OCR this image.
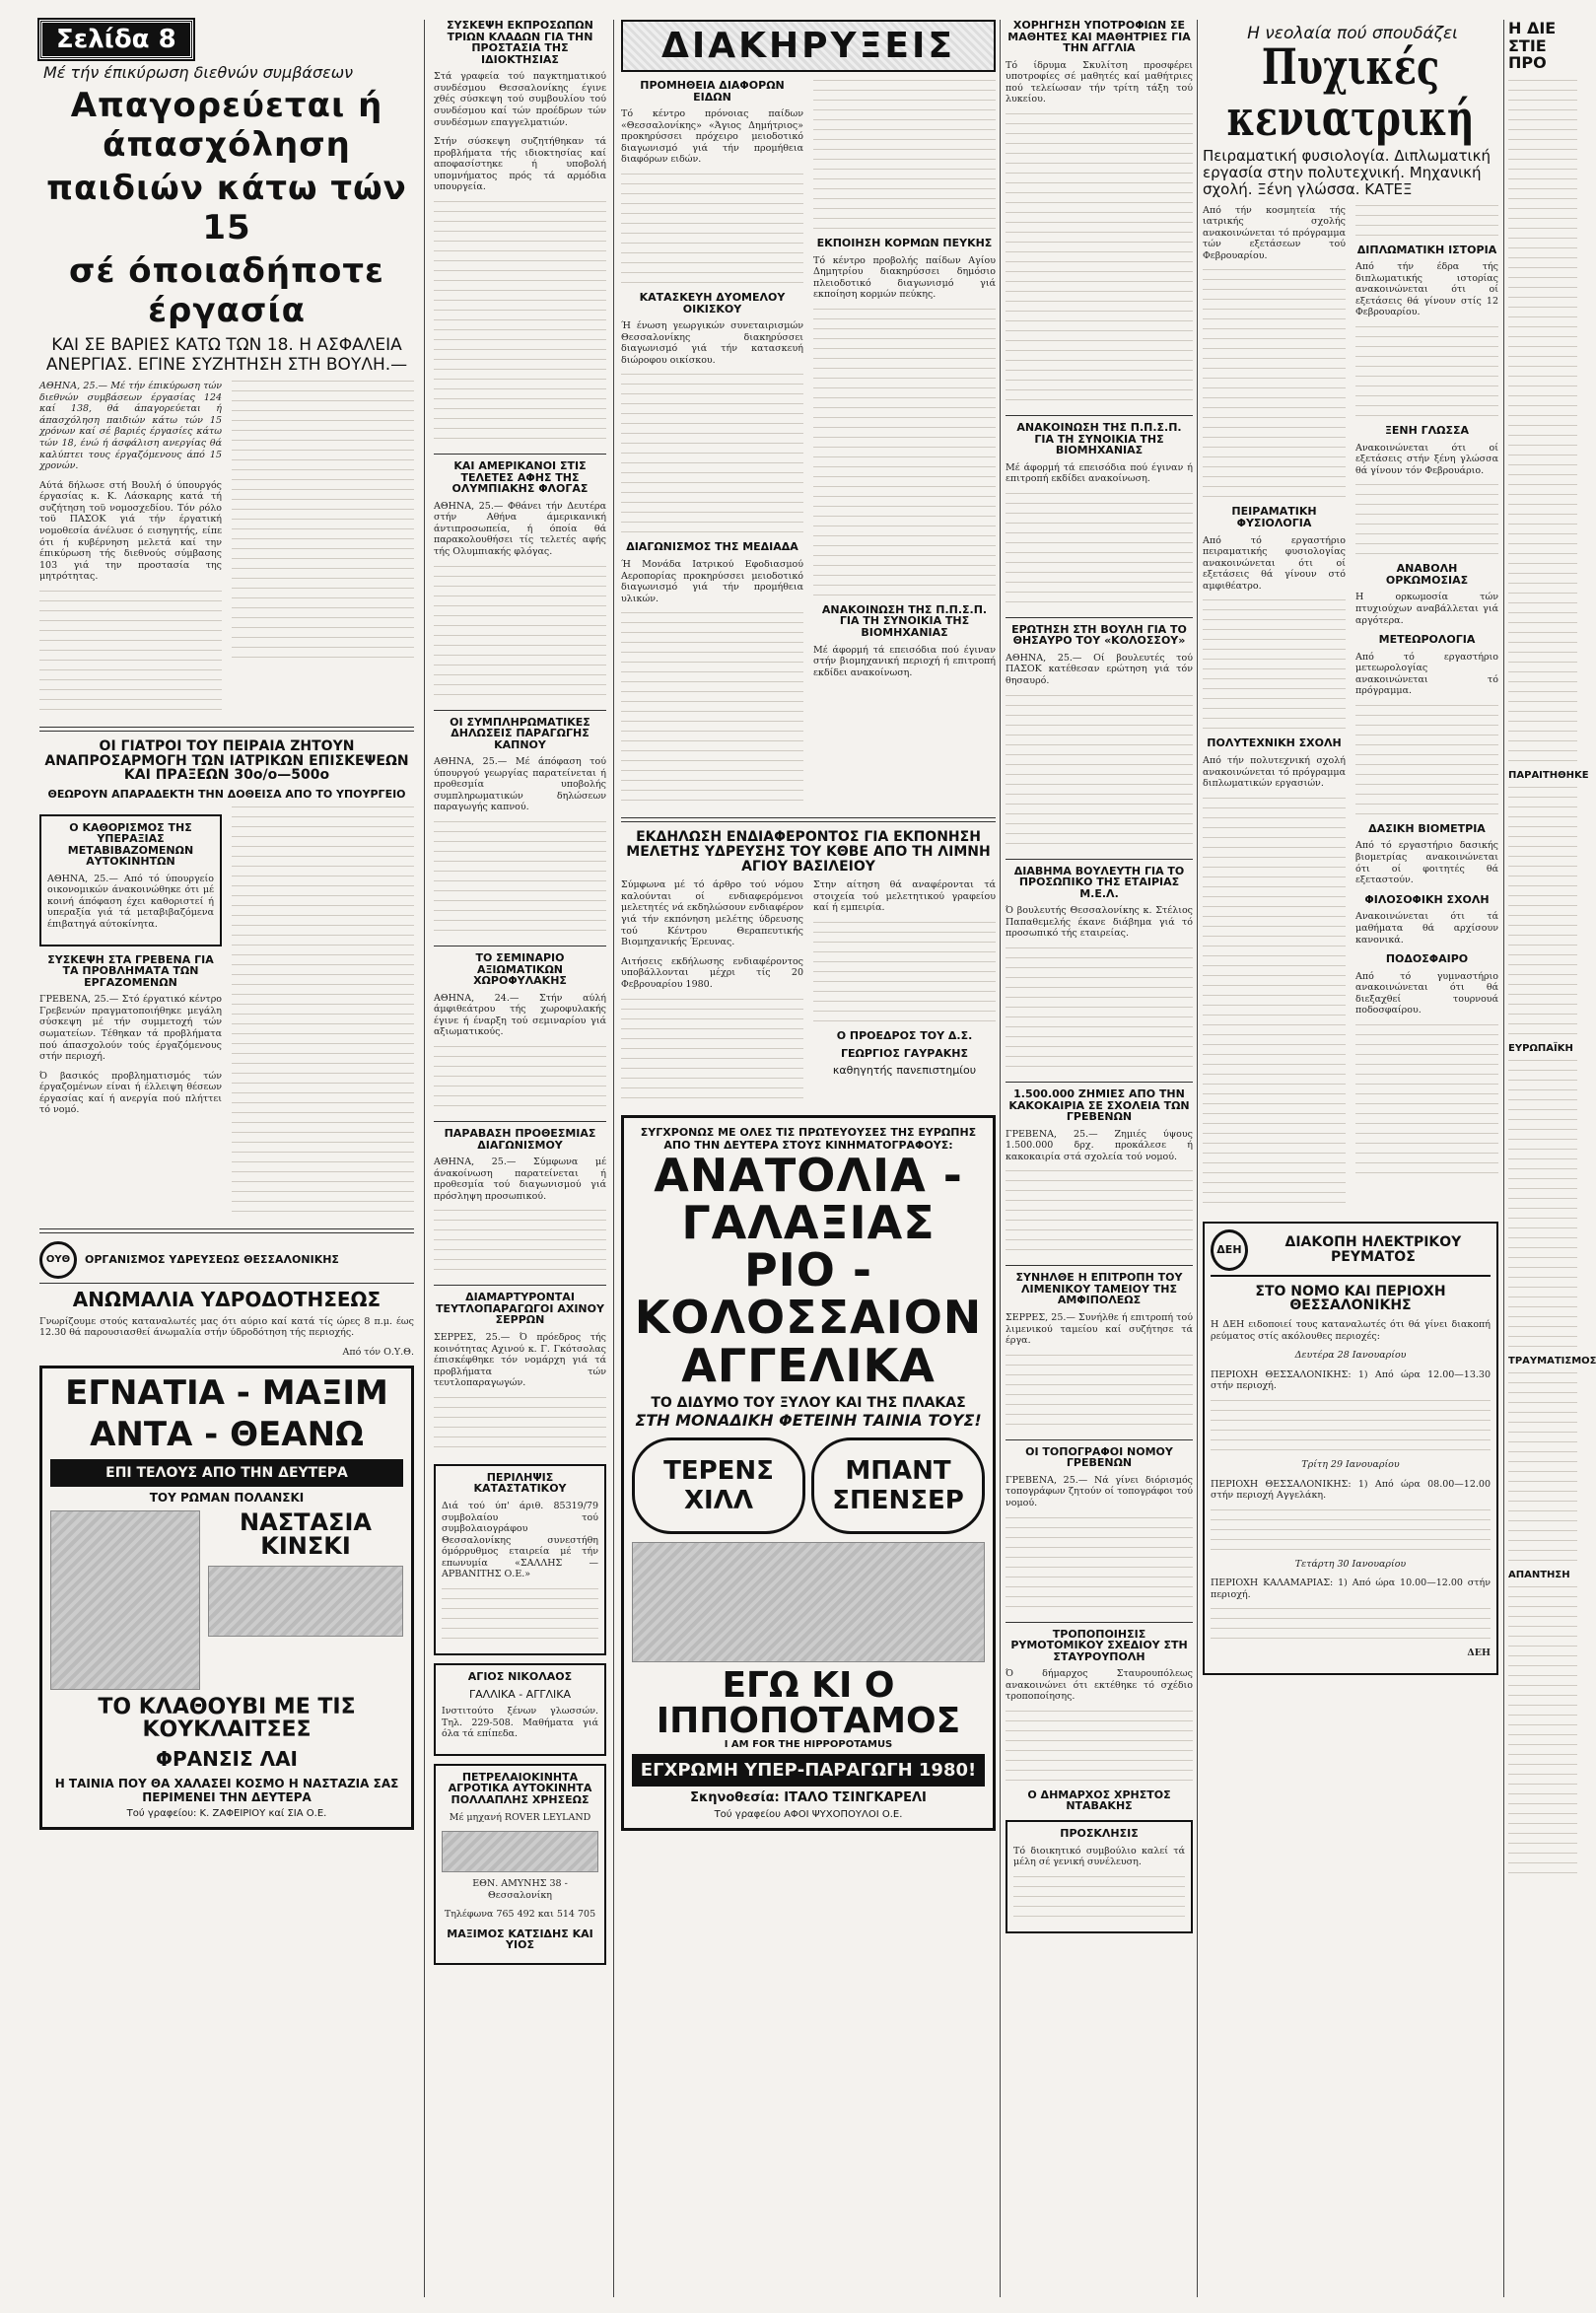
Σελίδα 8
Μέ τήν έπικύρωση διεθνών συμβάσεων
Απαγορεύεται ή άπασχόληση
παιδιών κάτω τών 15
σέ όποιαδήποτε έργασία
ΚΑΙ ΣΕ ΒΑΡΙΕΣ ΚΑΤΩ ΤΩΝ 18. Η ΑΣΦΑΛΕΙΑ ΑΝΕΡΓΙΑΣ. ΕΓΙΝΕ ΣΥΖΗΤΗΣΗ ΣΤΗ ΒΟΥΛΗ.—

ΑΘΗΝΑ, 25.— Μέ τήν έπικύρωση τών διεθνών συμβάσεων έργασίας 124 καί 138, θά άπαγορεύεται ή άπασχόληση παιδιών κάτω τών 15 χρόνων καί σέ βαριές έργασίες κάτω τών 18, ένώ ή άσφάλιση ανεργίας θά καλύπτει τους έργαζόμενους άπό 15 χρονών.

Αύτά δήλωσε στή Βουλή ό ύπουργός έργασίας κ. Κ. Λάσκαρης κατά τή συζήτηση τοϋ νομοσχεδίου. Τόν ρόλο τοϋ ΠΑΣΟΚ γιά τήν έργατική νομοθεσία άνέλυσε ό εισηγητής, είπε ότι ή κυβέρνηση μελετά καί την έπικύρωση τής διεθνούς σύμβασης 103 γιά την προστασία της μητρότητας.

ΟΙ ΓΙΑΤΡΟΙ ΤΟΥ ΠΕΙΡΑΙΑ ΖΗΤΟΥΝ ΑΝΑΠΡΟΣΑΡΜΟΓΗ ΤΩΝ ΙΑΤΡΙΚΩΝ ΕΠΙΣΚΕΨΕΩΝ ΚΑΙ ΠΡΑΞΕΩΝ 30ο/ο—500ο
ΘΕΩΡΟΥΝ ΑΠΑΡΑΔΕΚΤΗ ΤΗΝ ΔΟΘΕΙΣΑ ΑΠΟ ΤΟ ΥΠΟΥΡΓΕΙΟ
Ο ΚΑΘΟΡΙΣΜΟΣ ΤΗΣ ΥΠΕΡΑΞΙΑΣ ΜΕΤΑΒΙΒΑΖΟΜΕΝΩΝ ΑΥΤΟΚΙΝΗΤΩΝ

ΑΘΗΝΑ, 25.— Από τό ύπουργείο οικονομικών άνακοινώθηκε ότι μέ κοινή άπόφαση έχει καθοριστεί ή υπεραξία γιά τά μεταβιβαζόμενα έπιβατηγά αύτοκίνητα.

ΣΥΣΚΕΨΗ ΣΤΑ ΓΡΕΒΕΝΑ ΓΙΑ ΤΑ ΠΡΟΒΛΗΜΑΤΑ ΤΩΝ ΕΡΓΑΖΟΜΕΝΩΝ

ΓΡΕΒΕΝΑ, 25.— Στό έργατικό κέντρο Γρεβενών πραγματοποιήθηκε μεγάλη σύσκεψη μέ τήν συμμετοχή τών σωματείων. Τέθηκαν τά προβλήματα πού άπασχολούν τούς έργαζόμενους στήν περιοχή.

Ό βασικός προβληματισμός τών έργαζομένων είναι ή έλλειψη θέσεων έργασίας καί ή ανεργία πού πλήττει τό νομό.

ΟΥΘ	ΟΡΓΑΝΙΣΜΟΣ ΥΔΡΕΥΣΕΩΣ ΘΕΣΣΑΛΟΝΙΚΗΣ
ΑΝΩΜΑΛΙΑ ΥΔΡΟΔΟΤΗΣΕΩΣ

Γνωρίζουμε στούς καταναλωτές μας ότι αύριο καί κατά τίς ώρες 8 π.μ. έως 12.30 θά παρουσιασθεί άνωμαλία στήν ύδροδότηση τής περιοχής.

Από τόν Ο.Υ.Θ.

ΕΓΝΑΤΙΑ - ΜΑΞΙΜ
ΑΝΤΑ - ΘΕΑΝΩ
ΕΠΙ ΤΕΛΟΥΣ ΑΠΟ ΤΗΝ ΔΕΥΤΕΡΑ
ΤΟΥ ΡΩΜΑΝ ΠΟΛΑΝΣΚΙ
ΝΑΣΤΑΣΙΑ ΚΙΝΣΚΙ
ΤΟ ΚΛΑΘΟΥΒΙ ΜΕ ΤΙΣ ΚΟΥΚΛΑΙΤΣΕΣ
ΦΡΑΝΣΙΣ ΛΑΙ
Η ΤΑΙΝΙΑ ΠΟΥ ΘΑ ΧΑΛΑΣΕΙ ΚΟΣΜΟ Η ΝΑΣΤΑΖΙΑ ΣΑΣ ΠΕΡΙΜΕΝΕΙ ΤΗΝ ΔΕΥΤΕΡΑ
Τού γραφείου: Κ. ΖΑΦΕΙΡΙΟΥ καί ΣΙΑ Ο.Ε.
ΣΥΣΚΕΨΗ ΕΚΠΡΟΣΩΠΩΝ ΤΡΙΩΝ ΚΛΑΔΩΝ ΓΙΑ ΤΗΝ ΠΡΟΣΤΑΣΙΑ ΤΗΣ ΙΔΙΟΚΤΗΣΙΑΣ

Στά γραφεία τού παγκτηματικού συνδέσμου Θεσσαλονίκης έγινε χθές σύσκεψη τού συμβουλίου τού συνδέσμου καί τών προέδρων τών συνδέσμων επαγγελματιών.

Στήν σύσκεψη συζητήθηκαν τά προβλήματα τής ιδιοκτησίας καί αποφασίστηκε ή υποβολή υπομνήματος πρός τά αρμόδια υπουργεία.

ΚΑΙ ΑΜΕΡΙΚΑΝΟΙ ΣΤΙΣ ΤΕΛΕΤΕΣ ΑΦΗΣ ΤΗΣ ΟΛΥΜΠΙΑΚΗΣ ΦΛΟΓΑΣ

ΑΘΗΝΑ, 25.— Φθάνει τήν Δευτέρα στήν Αθήνα άμερικανική άντιπροσωπεία, ή όποία θά παρακολουθήσει τίς τελετές αφής τής Ολυμπιακής φλόγας.

ΟΙ ΣΥΜΠΛΗΡΩΜΑΤΙΚΕΣ ΔΗΛΩΣΕΙΣ ΠΑΡΑΓΩΓΗΣ ΚΑΠΝΟΥ

ΑΘΗΝΑ, 25.— Μέ άπόφαση τού ύπουργού γεωργίας παρατείνεται ή προθεσμία υποβολής συμπληρωματικών δηλώσεων παραγωγής καπνού.

ΤΟ ΣΕΜΙΝΑΡΙΟ ΑΞΙΩΜΑΤΙΚΩΝ ΧΩΡΟΦΥΛΑΚΗΣ

ΑΘΗΝΑ, 24.— Στήν αύλή άμφιθεάτρου τής χωροφυλακής έγινε ή έναρξη τού σεμιναρίου γιά αξιωματικούς.

ΠΑΡΑΒΑΣΗ ΠΡΟΘΕΣΜΙΑΣ ΔΙΑΓΩΝΙΣΜΟΥ

ΑΘΗΝΑ, 25.— Σύμφωνα μέ άνακοίνωση παρατείνεται ή προθεσμία τού διαγωνισμού γιά πρόσληψη προσωπικού.

ΔΙΑΜΑΡΤΥΡΟΝΤΑΙ ΤΕΥΤΛΟΠΑΡΑΓΩΓΟΙ ΑΧΙΝΟΥ ΣΕΡΡΩΝ

ΣΕΡΡΕΣ, 25.— Ό πρόεδρος τής κοινότητας Αχινού κ. Γ. Γκότσολας έπισκέφθηκε τόν νομάρχη γιά τά προβλήματα τών τευτλοπαραγωγών.

ΠΕΡΙΛΗΨΙΣ ΚΑΤΑΣΤΑΤΙΚΟΥ

Διά τού ύπ' άριθ. 85319/79 συμβολαίου τού συμβολαιογράφου Θεσσαλονίκης συνεστήθη όμόρρυθμος εταιρεία μέ τήν επωνυμία «ΣΑΛΛΗΣ — ΑΡΒΑΝΙΤΗΣ Ο.Ε.»

ΑΓΙΟΣ ΝΙΚΟΛΑΟΣ
ΓΑΛΛΙΚΑ - ΑΓΓΛΙΚΑ

Ινστιτούτο ξένων γλωσσών. Τηλ. 229-508. Μαθήματα γιά όλα τά επίπεδα.

ΠΕΤΡΕΛΑΙΟΚΙΝΗΤΑ ΑΓΡΟΤΙΚΑ ΑΥΤΟΚΙΝΗΤΑ ΠΟΛΛΑΠΛΗΣ ΧΡΗΣΕΩΣ

Μέ μηχανή ROVER LEYLAND

ΕΘΝ. ΑΜΥΝΗΣ 38 - Θεσσαλονίκη

Τηλέφωνα 765 492 και 514 705

ΜΑΞΙΜΟΣ ΚΑΤΣΙΔΗΣ ΚΑΙ ΥΙΟΣ
ΔΙΑΚΗΡΥΞΕΙΣ
ΠΡΟΜΗΘΕΙΑ ΔΙΑΦΟΡΩΝ ΕΙΔΩΝ

Τό κέντρο πρόνοιας παίδων «Θεσσαλονίκης» «Άγιος Δημήτριος» προκηρύσσει πρόχειρο μειοδοτικό διαγωνισμό γιά τήν προμήθεια διαφόρων ειδών.

ΚΑΤΑΣΚΕΥΗ ΔΥΟΜΕΛΟΥ ΟΙΚΙΣΚΟΥ

Ή ένωση γεωργικών συνεταιρισμών Θεσσαλονίκης διακηρύσσει διαγωνισμό γιά τήν κατασκευή διώροφου οικίσκου.

ΔΙΑΓΩΝΙΣΜΟΣ ΤΗΣ ΜΕΔΙΑΔΑ

Ή Μονάδα Ιατρικού Εφοδιασμού Αεροπορίας προκηρύσσει μειοδοτικό διαγωνισμό γιά τήν προμήθεια υλικών.

ΕΚΠΟΙΗΣΗ ΚΟΡΜΩΝ ΠΕΥΚΗΣ

Τό κέντρο προβολής παίδων Αγίου Δημητρίου διακηρύσσει δημόσιο πλειοδοτικό διαγωνισμό γιά εκποίηση κορμών πεύκης.

ΑΝΑΚΟΙΝΩΣΗ ΤΗΣ Π.Π.Σ.Π. ΓΙΑ ΤΗ ΣΥΝΟΙΚΙΑ ΤΗΣ ΒΙΟΜΗΧΑΝΙΑΣ

Μέ άφορμή τά επεισόδια πού έγιναν στήν βιομηχανική περιοχή ή επιτροπή εκδίδει ανακοίνωση.

ΕΚΔΗΛΩΣΗ ΕΝΔΙΑΦΕΡΟΝΤΟΣ ΓΙΑ ΕΚΠΟΝΗΣΗ ΜΕΛΕΤΗΣ ΥΔΡΕΥΣΗΣ ΤΟΥ ΚΘΒΕ ΑΠΟ ΤΗ ΛΙΜΝΗ ΑΓΙΟΥ ΒΑΣΙΛΕΙΟΥ

Σύμφωνα μέ τό άρθρο τού νόμου καλούνται οί ενδιαφερόμενοι μελετητές νά εκδηλώσουν ενδιαφέρον γιά τήν εκπόνηση μελέτης ύδρευσης τού Κέντρου Θεραπευτικής Βιομηχανικής Έρευνας.

Αιτήσεις εκδήλωσης ενδιαφέροντος υποβάλλονται μέχρι τίς 20 Φεβρουαρίου 1980.

Στην αίτηση θά αναφέρονται τά στοιχεία τού μελετητικού γραφείου καί ή εμπειρία.

Ο ΠΡΟΕΔΡΟΣ ΤΟΥ Δ.Σ.
ΓΕΩΡΓΙΟΣ ΓΑΥΡΑΚΗΣ
καθηγητής πανεπιστημίου
ΣΥΓΧΡΟΝΩΣ ΜΕ ΟΛΕΣ ΤΙΣ ΠΡΩΤΕΥΟΥΣΕΣ ΤΗΣ ΕΥΡΩΠΗΣ ΑΠΟ ΤΗΝ ΔΕΥΤΕΡΑ ΣΤΟΥΣ ΚΙΝΗΜΑΤΟΓΡΑΦΟΥΣ:
ΑΝΑΤΟΛΙΑ - ΓΑΛΑΞΙΑΣ
ΡΙΟ - ΚΟΛΟΣΣΑΙΟΝ
ΑΓΓΕΛΙΚΑ
ΤΟ ΔΙΔΥΜΟ ΤΟΥ ΞΥΛΟΥ ΚΑΙ ΤΗΣ ΠΛΑΚΑΣ
ΣΤΗ ΜΟΝΑΔΙΚΗ ΦΕΤΕΙΝΗ ΤΑΙΝΙΑ ΤΟΥΣ!
ΤΕΡΕΝΣ ΧΙΛΛ
ΜΠΑΝΤ ΣΠΕΝΣΕΡ
ΕΓΩ ΚΙ Ο ΙΠΠΟΠΟΤΑΜΟΣ
I AM FOR THE HIPPOPOTAMUS
ΕΓΧΡΩΜΗ ΥΠΕΡ-ΠΑΡΑΓΩΓΗ 1980!
Σκηνοθεσία: ΙΤΑΛΟ ΤΣΙΝΓΚΑΡΕΛΙ
Τού γραφείου ΑΦΟΙ ΨΥΧΟΠΟΥΛΟΙ Ο.Ε.
ΧΟΡΗΓΗΣΗ ΥΠΟΤΡΟΦΙΩΝ ΣΕ ΜΑΘΗΤΕΣ ΚΑΙ ΜΑΘΗΤΡΙΕΣ ΓΙΑ ΤΗΝ ΑΓΓΛΙΑ

Τό ίδρυμα Σκυλίτση προσφέρει υποτροφίες σέ μαθητές καί μαθήτριες πού τελείωσαν τήν τρίτη τάξη τού λυκείου.

ΑΝΑΚΟΙΝΩΣΗ ΤΗΣ Π.Π.Σ.Π. ΓΙΑ ΤΗ ΣΥΝΟΙΚΙΑ ΤΗΣ ΒΙΟΜΗΧΑΝΙΑΣ

Μέ άφορμή τά επεισόδια πού έγιναν ή επιτροπή εκδίδει ανακοίνωση.

ΕΡΩΤΗΣΗ ΣΤΗ ΒΟΥΛΗ ΓΙΑ ΤΟ ΘΗΣΑΥΡΟ ΤΟΥ «ΚΟΛΟΣΣΟΥ»

ΑΘΗΝΑ, 25.— Οί βουλευτές τού ΠΑΣΟΚ κατέθεσαν ερώτηση γιά τόν θησαυρό.

ΔΙΑΒΗΜΑ ΒΟΥΛΕΥΤΗ ΓΙΑ ΤΟ ΠΡΟΣΩΠΙΚΟ ΤΗΣ ΕΤΑΙΡΙΑΣ Μ.Ε.Λ.

Ό βουλευτής Θεσσαλονίκης κ. Στέλιος Παπαθεμελής έκανε διάβημα γιά τό προσωπικό τής εταιρείας.

1.500.000 ΖΗΜΙΕΣ ΑΠΟ ΤΗΝ ΚΑΚΟΚΑΙΡΙΑ ΣΕ ΣΧΟΛΕΙΑ ΤΩΝ ΓΡΕΒΕΝΩΝ

ΓΡΕΒΕΝΑ, 25.— Ζημιές ύψους 1.500.000 δρχ. προκάλεσε ή κακοκαιρία στά σχολεία τού νομού.

ΣΥΝΗΛΘΕ Η ΕΠΙΤΡΟΠΗ ΤΟΥ ΛΙΜΕΝΙΚΟΥ ΤΑΜΕΙΟΥ ΤΗΣ ΑΜΦΙΠΟΛΕΩΣ

ΣΕΡΡΕΣ, 25.— Συνήλθε ή επιτροπή τού λιμενικού ταμείου καί συζήτησε τά έργα.

ΟΙ ΤΟΠΟΓΡΑΦΟΙ ΝΟΜΟΥ ΓΡΕΒΕΝΩΝ

ΓΡΕΒΕΝΑ, 25.— Νά γίνει διόρισμός τοπογράφων ζητούν οί τοπογράφοι τού νομού.

ΤΡΟΠΟΠΟΙΗΣΙΣ ΡΥΜΟΤΟΜΙΚΟΥ ΣΧΕΔΙΟΥ ΣΤΗ ΣΤΑΥΡΟΥΠΟΛΗ

Ό δήμαρχος Σταυρουπόλεως ανακοινώνει ότι εκτέθηκε τό σχέδιο τροποποίησης.

Ο ΔΗΜΑΡΧΟΣ ΧΡΗΣΤΟΣ ΝΤΑΒΑΚΗΣ
ΠΡΟΣΚΛΗΣΙΣ

Τό διοικητικό συμβούλιο καλεί τά μέλη σέ γενική συνέλευση.

Η νεολαία πού σπουδάζει
Πυχικές κενιατρική
Πειραματική φυσιολογία. Διπλωματική εργασία στην πολυτεχνική. Μηχανική σχολή. Ξένη γλώσσα. ΚΑΤΕΞ

Από τήν κοσμητεία τής ιατρικής σχολής ανακοινώνεται τό πρόγραμμα τών εξετάσεων τού Φεβρουαρίου.

ΠΕΙΡΑΜΑΤΙΚΗ ΦΥΣΙΟΛΟΓΙΑ

Από τό εργαστήριο πειραματικής φυσιολογίας ανακοινώνεται ότι οί εξετάσεις θά γίνουν στό αμφιθέατρο.

ΠΟΛΥΤΕΧΝΙΚΗ ΣΧΟΛΗ

Από τήν πολυτεχνική σχολή ανακοινώνεται τό πρόγραμμα διπλωματικών εργασιών.

ΔΙΠΛΩΜΑΤΙΚΗ ΙΣΤΟΡΙΑ

Από τήν έδρα τής διπλωματικής ιστορίας ανακοινώνεται ότι οί εξετάσεις θά γίνουν στίς 12 Φεβρουαρίου.

ΞΕΝΗ ΓΛΩΣΣΑ

Ανακοινώνεται ότι οί εξετάσεις στήν ξένη γλώσσα θά γίνουν τόν Φεβρουάριο.

ΑΝΑΒΟΛΗ ΟΡΚΩΜΟΣΙΑΣ

Η ορκωμοσία τών πτυχιούχων αναβάλλεται γιά αργότερα.

ΜΕΤΕΩΡΟΛΟΓΙΑ

Από τό εργαστήριο μετεωρολογίας ανακοινώνεται τό πρόγραμμα.

ΔΑΣΙΚΗ ΒΙΟΜΕΤΡΙΑ

Από τό εργαστήριο δασικής βιομετρίας ανακοινώνεται ότι οί φοιτητές θά εξεταστούν.

ΦΙΛΟΣΟΦΙΚΗ ΣΧΟΛΗ

Ανακοινώνεται ότι τά μαθήματα θά αρχίσουν κανονικά.

ΠΟΔΟΣΦΑΙΡΟ

Από τό γυμναστήριο ανακοινώνεται ότι θά διεξαχθεί τουρνουά ποδοσφαίρου.

ΔΕΗ	ΔΙΑΚΟΠΗ ΗΛΕΚΤΡΙΚΟΥ ΡΕΥΜΑΤΟΣ
ΣΤΟ ΝΟΜΟ ΚΑΙ ΠΕΡΙΟΧΗ ΘΕΣΣΑΛΟΝΙΚΗΣ

Η ΔΕΗ ειδοποιεί τους καταναλωτές ότι θά γίνει διακοπή ρεύματος στίς ακόλουθες περιοχές:

Δευτέρα 28 Ιανουαρίου

ΠΕΡΙΟΧΗ ΘΕΣΣΑΛΟΝΙΚΗΣ: 1) Από ώρα 12.00—13.30 στήν περιοχή.

Τρίτη 29 Ιανουαρίου

ΠΕΡΙΟΧΗ ΘΕΣΣΑΛΟΝΙΚΗΣ: 1) Από ώρα 08.00—12.00 στήν περιοχή Αγγελάκη.

Τετάρτη 30 Ιανουαρίου

ΠΕΡΙΟΧΗ ΚΑΛΑΜΑΡΙΑΣ: 1) Από ώρα 10.00—12.00 στήν περιοχή.

ΔΕΗ

Η ΔΙΕ
ΣΤΙΕ
ΠΡΟ
ΠΑΡΑΙΤΗΘΗΚΕ
ΕΥΡΩΠΑΪΚΗ
ΤΡΑΥΜΑΤΙΣΜΟΣ
ΑΠΑΝΤΗΣΗ
